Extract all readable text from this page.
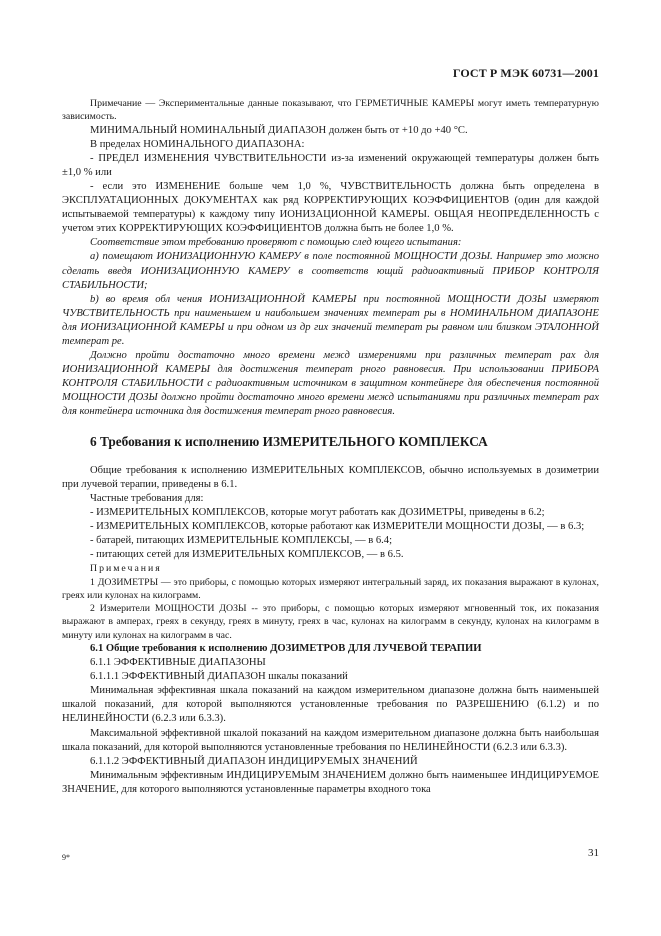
ГОСТ Р МЭК 60731—2001

Примечание — Экспериментальные данные показывают, что ГЕРМЕТИЧНЫЕ КАМЕРЫ могут иметь температурную зависимость.

МИНИМАЛЬНЫЙ НОМИНАЛЬНЫЙ ДИАПАЗОН должен быть от +10 до +40 °С.

В пределах НОМИНАЛЬНОГО ДИАПАЗОНА:

- ПРЕДЕЛ ИЗМЕНЕНИЯ ЧУВСТВИТЕЛЬНОСТИ из-за изменений окружающей температуры должен быть ±1,0 % или

- если это ИЗМЕНЕНИЕ больше чем 1,0 %, ЧУВСТВИТЕЛЬНОСТЬ должна быть определена в ЭКСПЛУАТАЦИОННЫХ ДОКУМЕНТАХ как ряд КОРРЕКТИРУЮЩИХ КОЭФФИЦИЕНТОВ (один для каждой испытываемой температуры) к каждому типу ИОНИЗАЦИОННОЙ КАМЕРЫ. ОБЩАЯ НЕОПРЕДЕЛЕННОСТЬ с учетом этих КОРРЕКТИРУЮЩИХ КОЭФФИЦИЕНТОВ должна быть не более 1,0 %.

Соответствие этом требованию проверяют с помощью след ющего испытания:

а) помещают ИОНИЗАЦИОННУЮ КАМЕРУ в поле постоянной МОЩНОСТИ ДОЗЫ. Например это можно сделать введя ИОНИЗАЦИОННУЮ КАМЕРУ в соответств ющий радиоактивный ПРИБОР КОНТРОЛЯ СТАБИЛЬНОСТИ;

b) во время обл чения ИОНИЗАЦИОННОЙ КАМЕРЫ при постоянной МОЩНОСТИ ДОЗЫ измеряют ЧУВСТВИТЕЛЬНОСТЬ при наименьшем и наибольшем значениях температ ры в НОМИНАЛЬНОМ ДИАПАЗОНЕ для ИОНИЗАЦИОННОЙ КАМЕРЫ и при одном из др гих значений температ ры равном или близком ЭТАЛОННОЙ температ ре.

Должно пройти достаточно много времени межд измерениями при различных температ рах для ИОНИЗАЦИОННОЙ КАМЕРЫ для достижения температ рного равновесия. При использовании ПРИБОРА КОНТРОЛЯ СТАБИЛЬНОСТИ с радиоактивным источником в защитном контейнере для обеспечения постоянной МОЩНОСТИ ДОЗЫ должно пройти достаточно много времени межд испытаниями при различных температ рах для контейнера источника для достижения температ рного равновесия.

6 Требования к исполнению ИЗМЕРИТЕЛЬНОГО КОМПЛЕКСА

Общие требования к исполнению ИЗМЕРИТЕЛЬНЫХ КОМПЛЕКСОВ, обычно используемых в дозиметрии при лучевой терапии, приведены в 6.1.

Частные требования для:

- ИЗМЕРИТЕЛЬНЫХ КОМПЛЕКСОВ, которые могут работать как ДОЗИМЕТРЫ, приведены в 6.2;

- ИЗМЕРИТЕЛЬНЫХ КОМПЛЕКСОВ, которые работают как ИЗМЕРИТЕЛИ МОЩНОСТИ ДОЗЫ, — в 6.3;

- батарей, питающих ИЗМЕРИТЕЛЬНЫЕ КОМПЛЕКСЫ, — в 6.4;

- питающих сетей для ИЗМЕРИТЕЛЬНЫХ КОМПЛЕКСОВ, — в 6.5.

Примечания

1 ДОЗИМЕТРЫ — это приборы, с помощью которых измеряют интегральный заряд, их показания выражают в кулонах, греях или кулонах на килограмм.

2 Измерители МОЩНОСТИ ДОЗЫ -- это приборы, с помощью которых измеряют мгновенный ток, их показания выражают в амперах, греях в секунду, греях в минуту, греях в час, кулонах на килограмм в секунду, кулонах на килограмм в минуту или кулонах на килограмм в час.

6.1 Общие требования к исполнению ДОЗИМЕТРОВ ДЛЯ ЛУЧЕВОЙ ТЕРАПИИ

6.1.1 ЭФФЕКТИВНЫЕ ДИАПАЗОНЫ

6.1.1.1 ЭФФЕКТИВНЫЙ ДИАПАЗОН шкалы показаний

Минимальная эффективная шкала показаний на каждом измерительном диапазоне должна быть наименьшей шкалой показаний, для которой выполняются установленные требования по РАЗРЕШЕНИЮ (6.1.2) и по НЕЛИНЕЙНОСТИ (6.2.3 или 6.3.3).

Максимальной эффективной шкалой показаний на каждом измерительном диапазоне должна быть наибольшая шкала показаний, для которой выполняются установленные требования по НЕЛИНЕЙНОСТИ (6.2.3 или 6.3.3).

6.1.1.2 ЭФФЕКТИВНЫЙ ДИАПАЗОН ИНДИЦИРУЕМЫХ ЗНАЧЕНИЙ

Минимальным эффективным ИНДИЦИРУЕМЫМ ЗНАЧЕНИЕМ должно быть наименьшее ИНДИЦИРУЕМОЕ ЗНАЧЕНИЕ, для которого выполняются установленные параметры входного тока

9*	31
